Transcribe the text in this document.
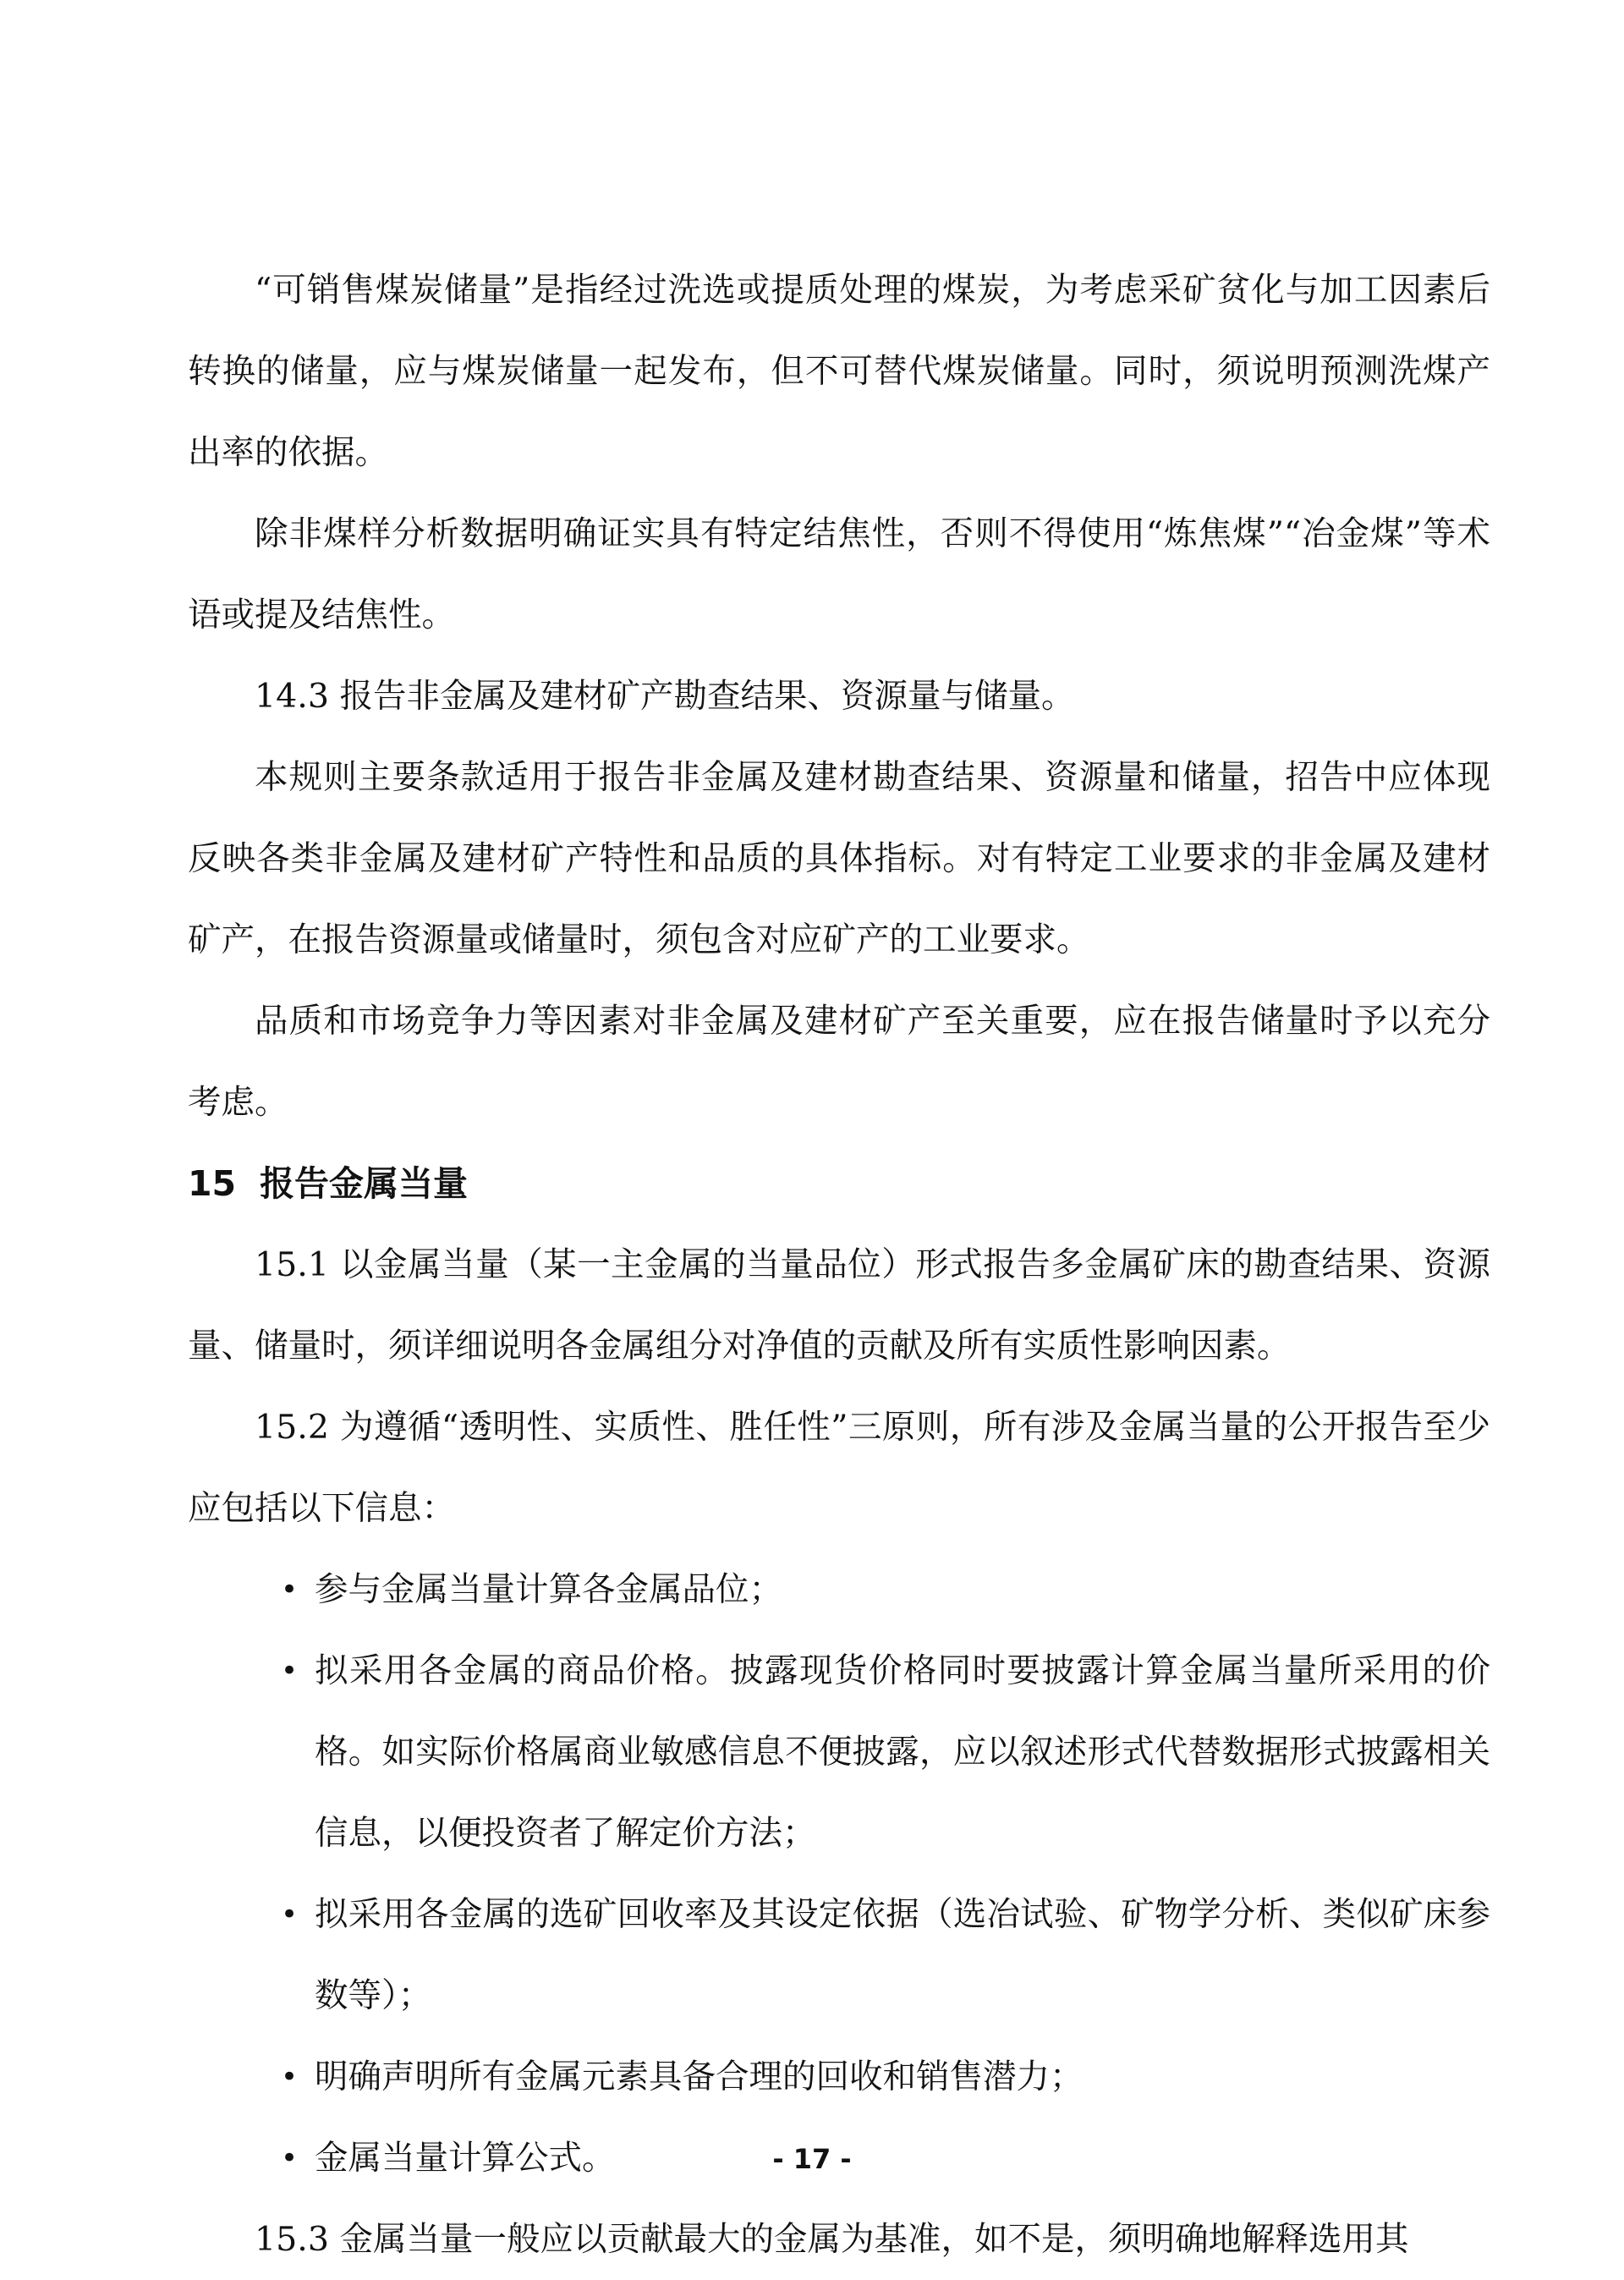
“可销售煤炭储量”是指经过洗选或提质处理的煤炭，为考虑采矿贫化与加工因素后转换的储量，应与煤炭储量一起发布，但不可替代煤炭储量。同时，须说明预测洗煤产出率的依据。

除非煤样分析数据明确证实具有特定结焦性，否则不得使用“炼焦煤”“冶金煤”等术语或提及结焦性。

14.3 报告非金属及建材矿产勘查结果、资源量与储量。

本规则主要条款适用于报告非金属及建材勘查结果、资源量和储量，招告中应体现反映各类非金属及建材矿产特性和品质的具体指标。对有特定工业要求的非金属及建材矿产，在报告资源量或储量时，须包含对应矿产的工业要求。

品质和市场竞争力等因素对非金属及建材矿产至关重要，应在报告储量时予以充分考虑。

15 报告金属当量

15.1 以金属当量（某一主金属的当量品位）形式报告多金属矿床的勘查结果、资源量、储量时，须详细说明各金属组分对净值的贡献及所有实质性影响因素。

15.2 为遵循“透明性、实质性、胜任性”三原则，所有涉及金属当量的公开报告至少应包括以下信息：

• 参与金属当量计算各金属品位；
• 拟采用各金属的商品价格。披露现货价格同时要披露计算金属当量所采用的价格。如实际价格属商业敏感信息不便披露，应以叙述形式代替数据形式披露相关信息，以便投资者了解定价方法；
• 拟采用各金属的选矿回收率及其设定依据（选冶试验、矿物学分析、类似矿床参数等）；
• 明确声明所有金属元素具备合理的回收和销售潜力；
• 金属当量计算公式。

15.3 金属当量一般应以贡献最大的金属为基准，如不是，须明确地解释选用其

- 17 -
